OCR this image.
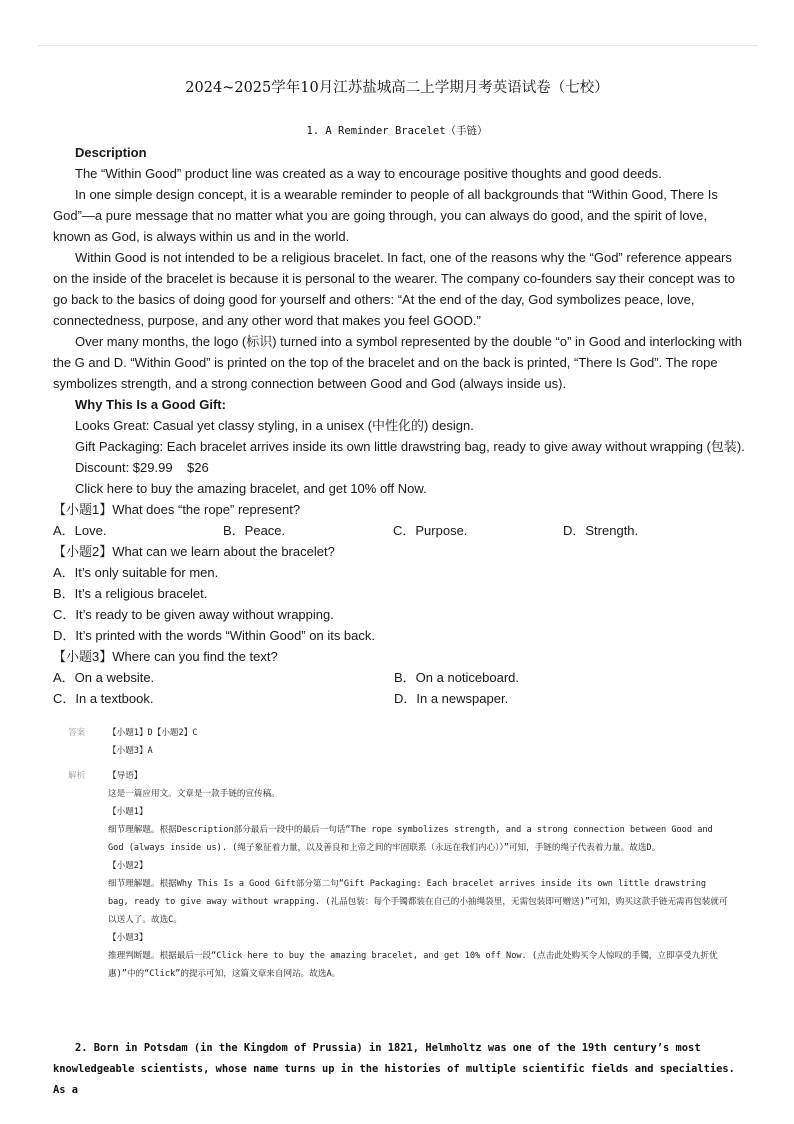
2024~2025学年10月江苏盐城高二上学期月考英语试卷（七校）
1. A Reminder Bracelet（手链）

Description

The “Within Good” product line was created as a way to encourage positive thoughts and good deeds.

In one simple design concept, it is a wearable reminder to people of all backgrounds that “Within Good, There Is God”—a pure message that no matter what you are going through, you can always do good, and the spirit of love, known as God, is always within us and in the world.

Within Good is not intended to be a religious bracelet. In fact, one of the reasons why the “God” reference appears on the inside of the bracelet is because it is personal to the wearer. The company co-founders say their concept was to go back to the basics of doing good for yourself and others: “At the end of the day, God symbolizes peace, love, connectedness, purpose, and any other word that makes you feel GOOD.”

Over many months, the logo (标识) turned into a symbol represented by the double “o” in Good and interlocking with the G and D. “Within Good” is printed on the top of the bracelet and on the back is printed, “There Is God”. The rope symbolizes strength, and a strong connection between Good and God (always inside us).

Why This Is a Good Gift:

Looks Great: Casual yet classy styling, in a unisex (中性化的) design.

Gift Packaging: Each bracelet arrives inside its own little drawstring bag, ready to give away without wrapping (包装).

Discount: $29.99    $26

Click here to buy the amazing bracelet, and get 10% off Now.

【小题1】What does “the rope” represent?

A．Love.	B．Peace.	C．Purpose.	D．Strength.

【小题2】What can we learn about the bracelet?

A．It’s only suitable for men.

B．It’s a religious bracelet.

C．It’s ready to be given away without wrapping.

D．It’s printed with the words “Within Good” on its back.

【小题3】Where can you find the text?

A．On a website.	B．On a noticeboard.
C．In a textbook.	D．In a newspaper.
答案	【小题1】D【小题2】C

【小题3】A

解析	【导语】

这是一篇应用文。文章是一款手链的宣传稿。

【小题1】

细节理解题。根据Description部分最后一段中的最后一句话“The rope symbolizes strength, and a strong connection between Good and God (always inside us). (绳子象征着力量，以及善良和上帝之间的牢固联系（永远在我们内心））”可知，手链的绳子代表着力量。故选D。

【小题2】

细节理解题。根据Why This Is a Good Gift部分第二句“Gift Packaging: Each bracelet arrives inside its own little drawstring bag, ready to give away without wrapping. (礼品包装：每个手镯都装在自己的小抽绳袋里，无需包装即可赠送)”可知，购买这款手链无需再包装就可以送人了。故选C。

【小题3】

推理判断题。根据最后一段“Click here to buy the amazing bracelet, and get 10% off Now. (点击此处购买令人惊叹的手镯，立即享受九折优惠)”中的“Click”的提示可知，这篇文章来自网站。故选A。

2. Born in Potsdam (in the Kingdom of Prussia) in 1821, Helmholtz was one of the 19th century’s most knowledgeable scientists, whose name turns up in the histories of multiple scientific fields and specialties. As a
